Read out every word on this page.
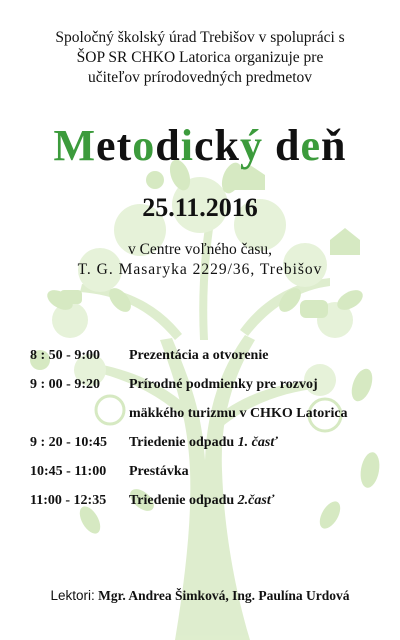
Spoločný školský úrad Trebišov v spolupráci s
ŠOP SR CHKO Latorica organizuje pre
učiteľov prírodovedných predmetov
Metodický deň
25.11.2016
v Centre voľného času,
T. G. Masaryka 2229/36, Trebišov
8 : 50 - 9:00 Prezentácia a otvorenie
9 : 00 - 9:20 Prírodné podmienky pre rozvoj
mäkkého turizmu v CHKO Latorica
9 : 20 - 10:45 Triedenie odpadu 1. časť
10:45 - 11:00 Prestávka
11:00 - 12:35 Triedenie odpadu 2.časť
Lektori: Mgr. Andrea Šimková, Ing. Paulína Urdová
